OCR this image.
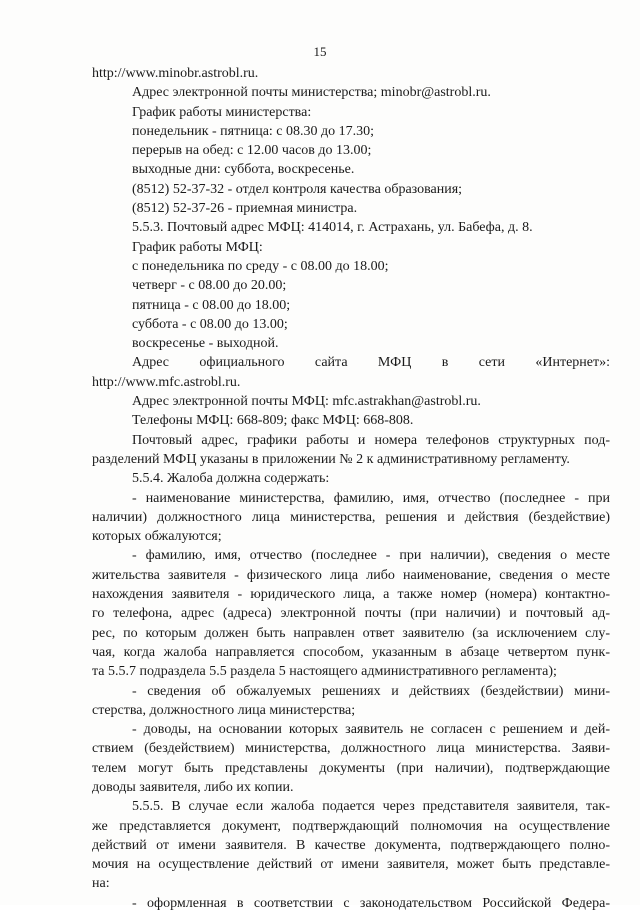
15
http://www.minobr.astrobl.ru.
Адрес электронной почты министерства; minobr@astrobl.ru.
График работы министерства:
понедельник - пятница: с 08.30 до 17.30;
перерыв на обед: с 12.00 часов до 13.00;
выходные дни: суббота, воскресенье.
(8512) 52-37-32 - отдел контроля качества образования;
(8512) 52-37-26 - приемная министра.
5.5.3. Почтовый адрес МФЦ: 414014, г. Астрахань, ул. Бабефа, д. 8.
График работы МФЦ:
с понедельника по среду - с 08.00 до 18.00;
четверг - с 08.00 до 20.00;
пятница - с 08.00 до 18.00;
суббота - с 08.00 до 13.00;
воскресенье - выходной.
Адрес официального сайта МФЦ в сети «Интернет»:
http://www.mfc.astrobl.ru.
Адрес электронной почты МФЦ: mfc.astrakhan@astrobl.ru.
Телефоны МФЦ: 668-809; факс МФЦ: 668-808.
Почтовый адрес, графики работы и номера телефонов структурных под-
разделений МФЦ указаны в приложении № 2 к административному регламенту.
5.5.4. Жалоба должна содержать:
- наименование министерства, фамилию, имя, отчество (последнее - при
наличии) должностного лица министерства, решения и действия (бездействие)
которых обжалуются;
- фамилию, имя, отчество (последнее - при наличии), сведения о месте
жительства заявителя - физического лица либо наименование, сведения о месте
нахождения заявителя - юридического лица, а также номер (номера) контактно-
го телефона, адрес (адреса) электронной почты (при наличии) и почтовый ад-
рес, по которым должен быть направлен ответ заявителю (за исключением слу-
чая, когда жалоба направляется способом, указанным в абзаце четвертом пунк-
та 5.5.7 подраздела 5.5 раздела 5 настоящего административного регламента);
- сведения об обжалуемых решениях и действиях (бездействии) мини-
стерства, должностного лица министерства;
- доводы, на основании которых заявитель не согласен с решением и дей-
ствием (бездействием) министерства, должностного лица министерства. Заяви-
телем могут быть представлены документы (при наличии), подтверждающие
доводы заявителя, либо их копии.
5.5.5. В случае если жалоба подается через представителя заявителя, так-
же представляется документ, подтверждающий полномочия на осуществление
действий от имени заявителя. В качестве документа, подтверждающего полно-
мочия на осуществление действий от имени заявителя, может быть представле-
на:
- оформленная в соответствии с законодательством Российской Федера-
